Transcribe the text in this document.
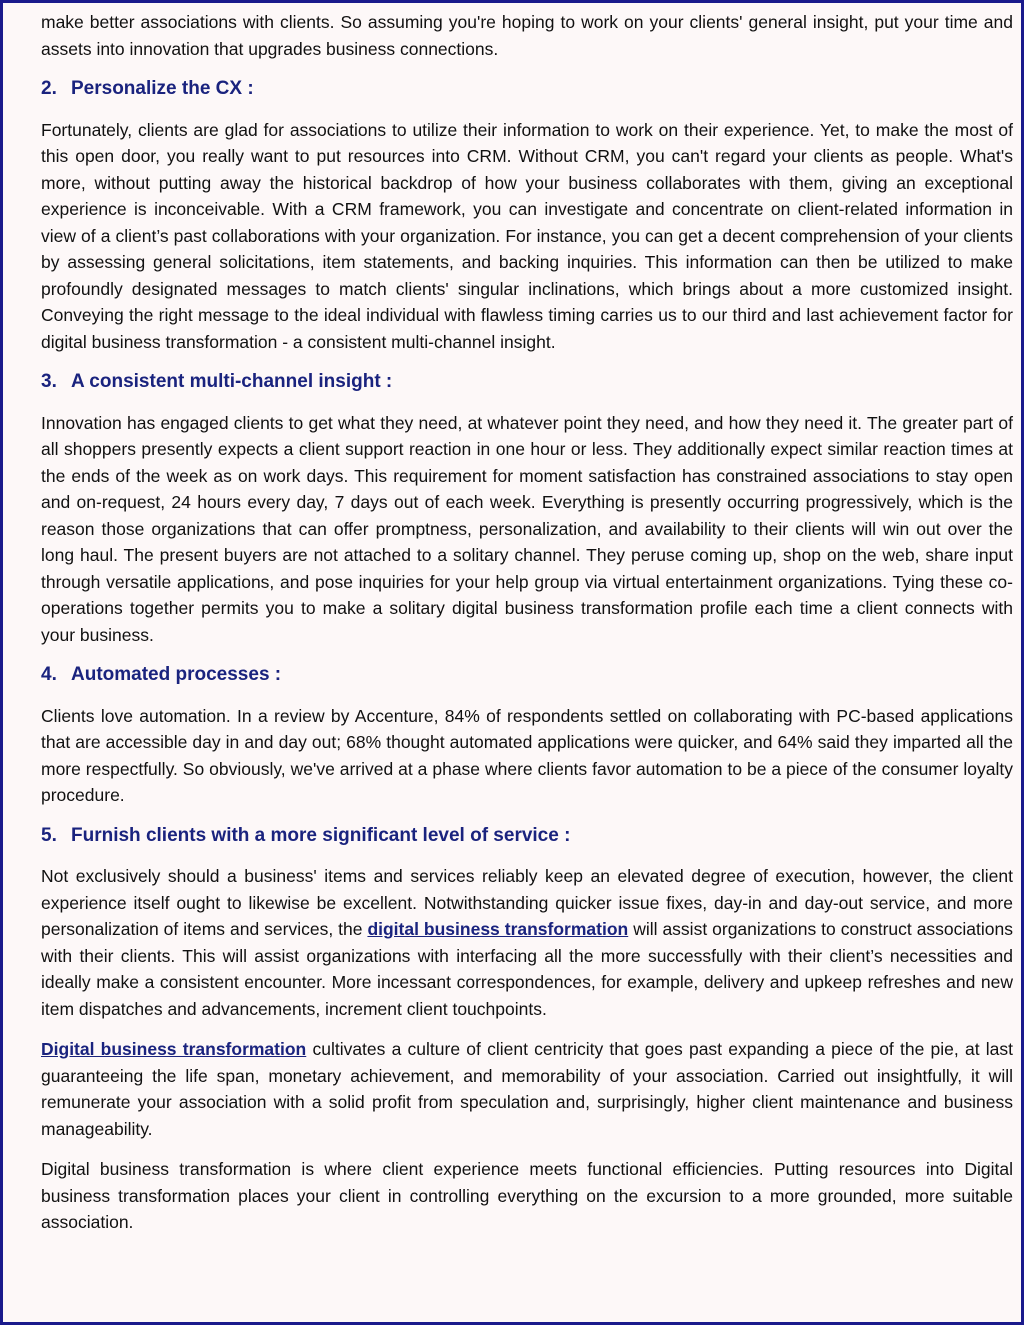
make better associations with clients. So assuming you're hoping to work on your clients' general insight, put your time and assets into innovation that upgrades business connections.

2. Personalize the CX :

Fortunately, clients are glad for associations to utilize their information to work on their experience. Yet, to make the most of this open door, you really want to put resources into CRM. Without CRM, you can't regard your clients as people. What's more, without putting away the historical backdrop of how your business collaborates with them, giving an exceptional experience is inconceivable. With a CRM framework, you can investigate and concentrate on client-related information in view of a client’s past collaborations with your organization. For instance, you can get a decent comprehension of your clients by assessing general solicitations, item statements, and backing inquiries. This information can then be utilized to make profoundly designated messages to match clients' singular inclinations, which brings about a more customized insight. Conveying the right message to the ideal individual with flawless timing carries us to our third and last achievement factor for digital business transformation - a consistent multi-channel insight.

3. A consistent multi-channel insight :

Innovation has engaged clients to get what they need, at whatever point they need, and how they need it. The greater part of all shoppers presently expects a client support reaction in one hour or less. They additionally expect similar reaction times at the ends of the week as on work days. This requirement for moment satisfaction has constrained associations to stay open and on-request, 24 hours every day, 7 days out of each week. Everything is presently occurring progressively, which is the reason those organizations that can offer promptness, personalization, and availability to their clients will win out over the long haul. The present buyers are not attached to a solitary channel. They peruse coming up, shop on the web, share input through versatile applications, and pose inquiries for your help group via virtual entertainment organizations. Tying these co-operations together permits you to make a solitary digital business transformation profile each time a client connects with your business.

4. Automated processes :

Clients love automation. In a review by Accenture, 84% of respondents settled on collaborating with PC-based applications that are accessible day in and day out; 68% thought automated applications were quicker, and 64% said they imparted all the more respectfully. So obviously, we've arrived at a phase where clients favor automation to be a piece of the consumer loyalty procedure.

5. Furnish clients with a more significant level of service :

Not exclusively should a business' items and services reliably keep an elevated degree of execution, however, the client experience itself ought to likewise be excellent. Notwithstanding quicker issue fixes, day-in and day-out service, and more personalization of items and services, the digital business transformation will assist organizations to construct associations with their clients. This will assist organizations with interfacing all the more successfully with their client’s necessities and ideally make a consistent encounter. More incessant correspondences, for example, delivery and upkeep refreshes and new item dispatches and advancements, increment client touchpoints.

Digital business transformation cultivates a culture of client centricity that goes past expanding a piece of the pie, at last guaranteeing the life span, monetary achievement, and memorability of your association. Carried out insightfully, it will remunerate your association with a solid profit from speculation and, surprisingly, higher client maintenance and business manageability.

Digital business transformation is where client experience meets functional efficiencies. Putting resources into Digital business transformation places your client in controlling everything on the excursion to a more grounded, more suitable association.
